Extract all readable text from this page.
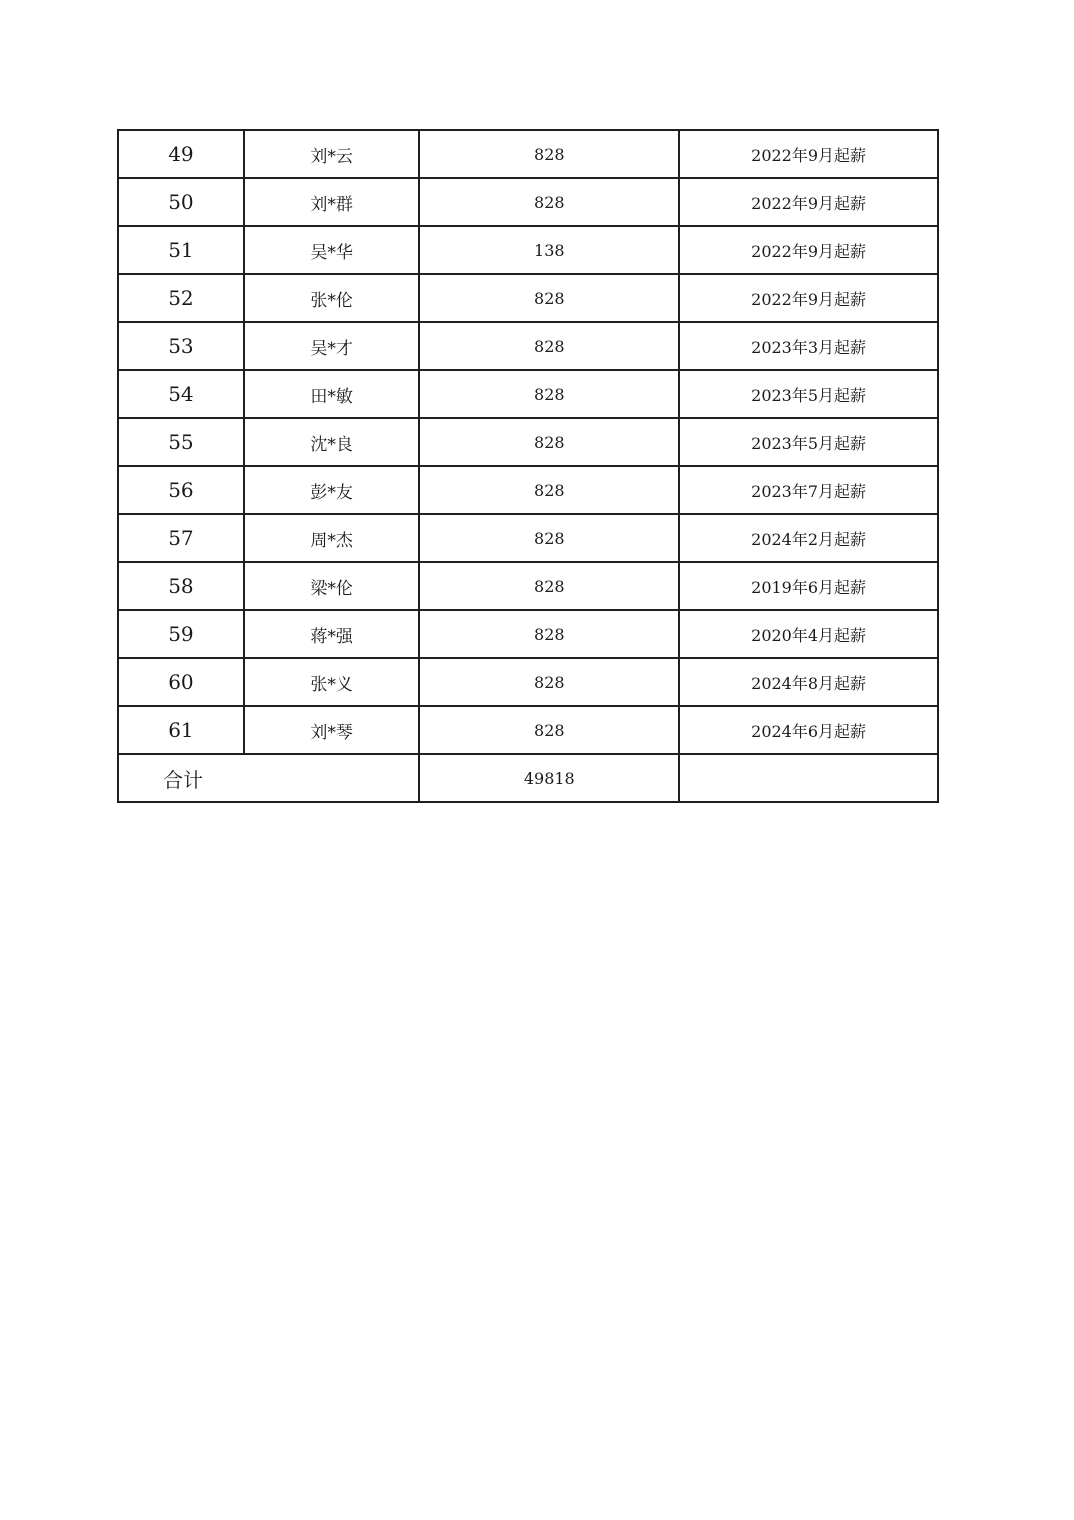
49	刘*云	828	2022年9月起薪
50	刘*群	828	2022年9月起薪
51	吴*华	138	2022年9月起薪
52	张*伦	828	2022年9月起薪
53	吴*才	828	2023年3月起薪
54	田*敏	828	2023年5月起薪
55	沈*良	828	2023年5月起薪
56	彭*友	828	2023年7月起薪
57	周*杰	828	2024年2月起薪
58	梁*伦	828	2019年6月起薪
59	蒋*强	828	2020年4月起薪
60	张*义	828	2024年8月起薪
61	刘*琴	828	2024年6月起薪
合计		49818	
